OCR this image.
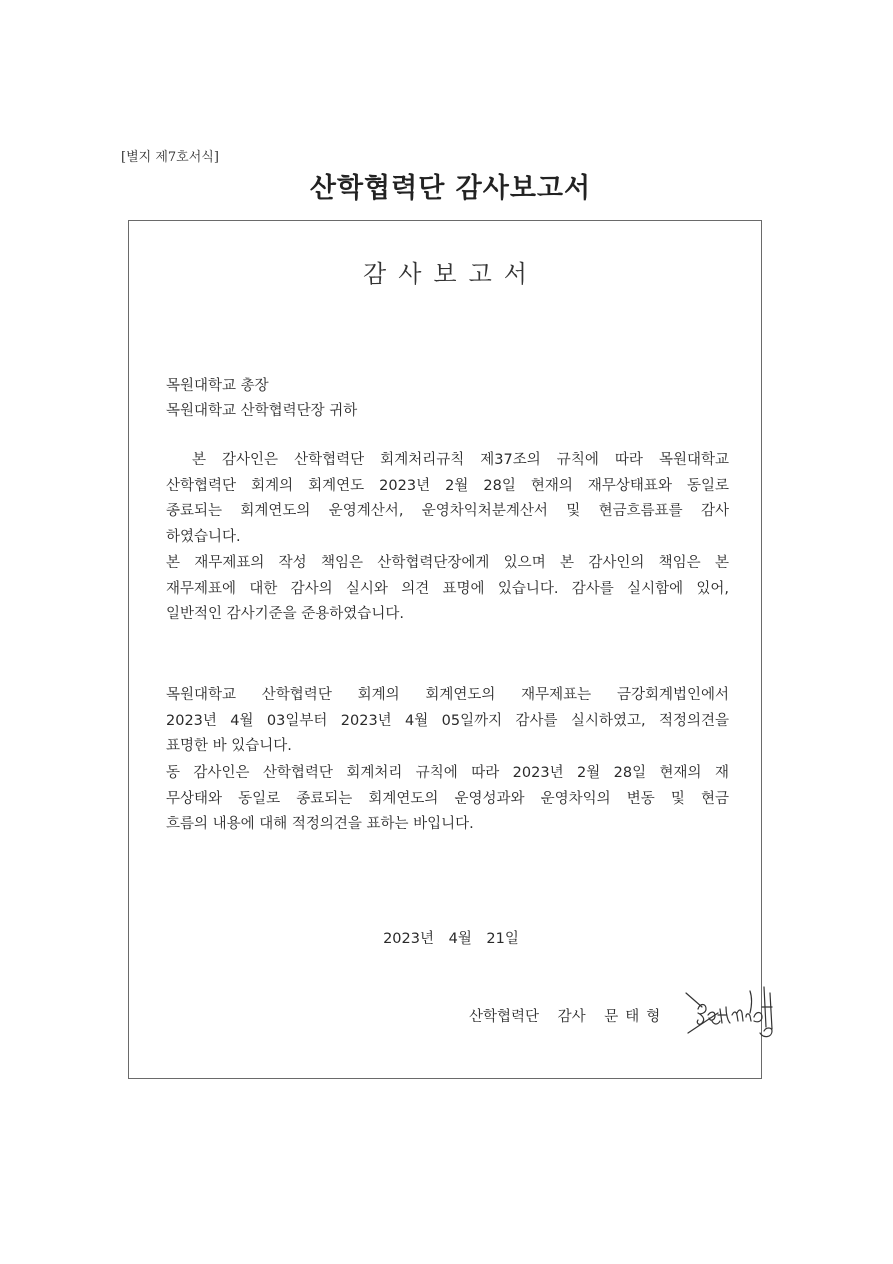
[별지 제7호서식]
산학협력단 감사보고서
감사보고서
목원대학교 총장
목원대학교 산학협력단장 귀하
　본 감사인은 산학협력단 회계처리규칙 제37조의 규칙에 따라 목원대학교
산학협력단 회계의 회계연도 2023년 2월 28일 현재의 재무상태표와 동일로
종료되는 회계연도의 운영계산서, 운영차익처분계산서 및 현금흐름표를 감사
하였습니다.
본 재무제표의 작성 책임은 산학협력단장에게 있으며 본 감사인의 책임은 본
재무제표에 대한 감사의 실시와 의견 표명에 있습니다. 감사를 실시함에 있어,
일반적인 감사기준을 준용하였습니다.
목원대학교 산학협력단 회계의 회계연도의 재무제표는 금강회계법인에서
2023년 4월 03일부터 2023년 4월 05일까지 감사를 실시하였고, 적정의견을
표명한 바 있습니다.
동 감사인은 산학협력단 회계처리 규칙에 따라 2023년 2월 28일 현재의 재
무상태와 동일로 종료되는 회계연도의 운영성과와 운영차익의 변동 및 현금
흐름의 내용에 대해 적정의견을 표하는 바입니다.
2023년 4월 21일
산학협력단 감사 문태형
